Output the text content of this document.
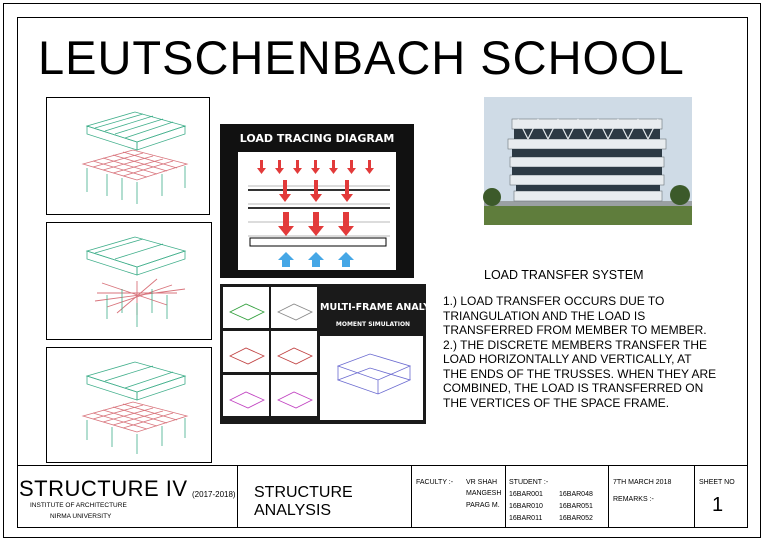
LEUTSCHENBACH SCHOOL
LOAD TRACING DIAGRAM
MULTI-FRAME ANALYSIS
MOMENT SIMULATION
LOAD TRANSFER SYSTEM
1.) LOAD TRANSFER OCCURS DUE TO
TRIANGULATION AND THE LOAD IS
TRANSFERRED FROM MEMBER TO MEMBER.
2.) THE DISCRETE MEMBERS TRANSFER THE
LOAD HORIZONTALLY AND VERTICALLY, AT
THE ENDS OF THE TRUSSES. WHEN THEY ARE
COMBINED, THE LOAD IS TRANSFERRED ON
THE VERTICES OF THE SPACE FRAME.
STRUCTURE IV (2017-2018)
INSTITUTE OF ARCHITECTURE
NIRMA UNIVERSITY
STRUCTURE
ANALYSIS
FACULTY :- VR SHAH
MANGESH
PARAG M.
STUDENT :-
16BAR001
16BAR010
16BAR011
16BAR048
16BAR051
16BAR052
7TH MARCH 2018
REMARKS :-
SHEET NO
1
